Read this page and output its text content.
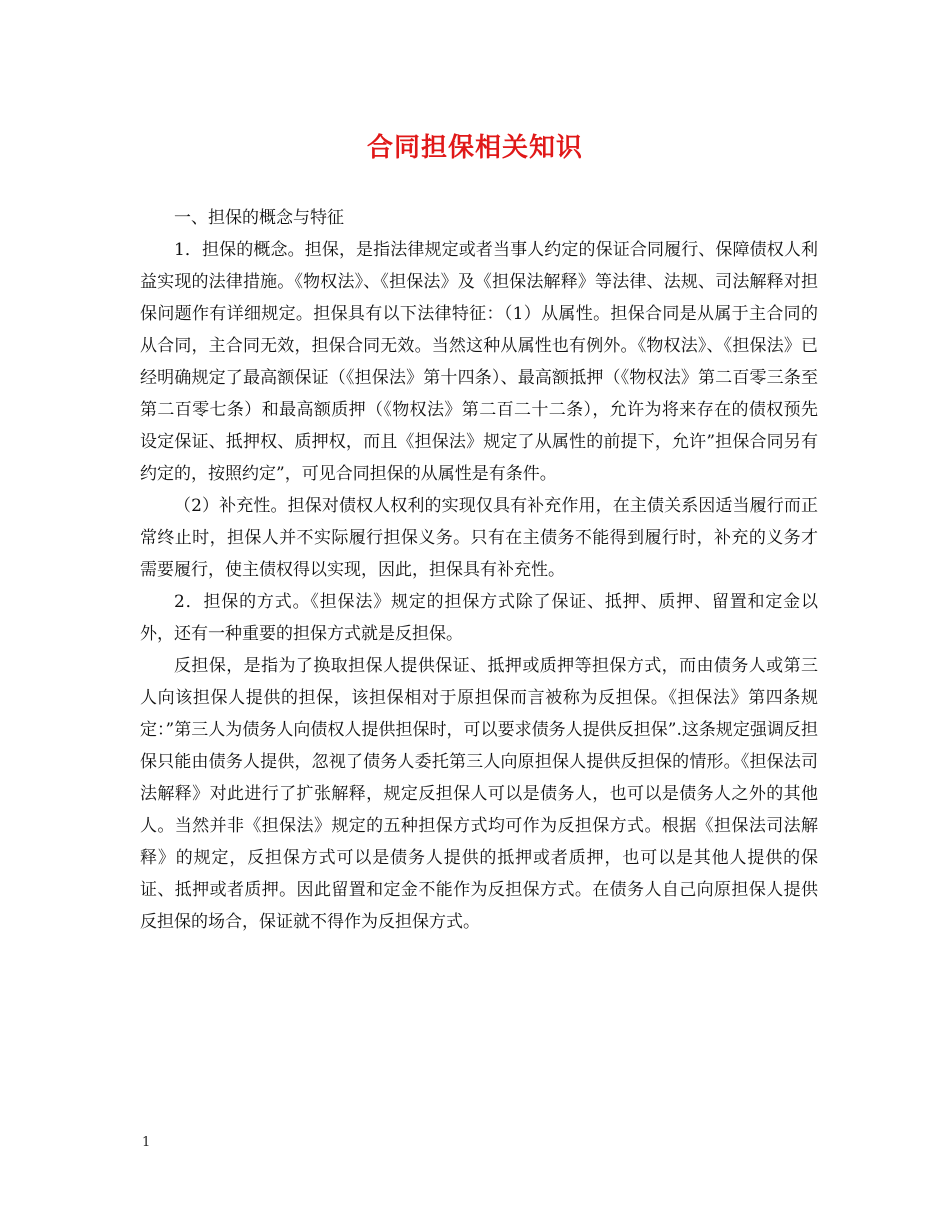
合同担保相关知识

一、担保的概念与特征

1．担保的概念。担保，是指法律规定或者当事人约定的保证合同履行、保障债权人利益实现的法律措施。《物权法》、《担保法》及《担保法解释》等法律、法规、司法解释对担保问题作有详细规定。担保具有以下法律特征：（1）从属性。担保合同是从属于主合同的从合同，主合同无效，担保合同无效。当然这种从属性也有例外。《物权法》、《担保法》已经明确规定了最高额保证（《担保法》第十四条）、最高额抵押（《物权法》第二百零三条至第二百零七条）和最高额质押（《物权法》第二百二十二条），允许为将来存在的债权预先设定保证、抵押权、质押权，而且《担保法》规定了从属性的前提下，允许”担保合同另有约定的，按照约定”，可见合同担保的从属性是有条件。

（2）补充性。担保对债权人权利的实现仅具有补充作用，在主债关系因适当履行而正常终止时，担保人并不实际履行担保义务。只有在主债务不能得到履行时，补充的义务才需要履行，使主债权得以实现，因此，担保具有补充性。

2．担保的方式。《担保法》规定的担保方式除了保证、抵押、质押、留置和定金以外，还有一种重要的担保方式就是反担保。

反担保，是指为了换取担保人提供保证、抵押或质押等担保方式，而由债务人或第三人向该担保人提供的担保，该担保相对于原担保而言被称为反担保。《担保法》第四条规定：”第三人为债务人向债权人提供担保时，可以要求债务人提供反担保”.这条规定强调反担保只能由债务人提供，忽视了债务人委托第三人向原担保人提供反担保的情形。《担保法司法解释》对此进行了扩张解释，规定反担保人可以是债务人，也可以是债务人之外的其他人。当然并非《担保法》规定的五种担保方式均可作为反担保方式。根据《担保法司法解释》的规定，反担保方式可以是债务人提供的抵押或者质押，也可以是其他人提供的保证、抵押或者质押。因此留置和定金不能作为反担保方式。在债务人自己向原担保人提供反担保的场合，保证就不得作为反担保方式。

1
